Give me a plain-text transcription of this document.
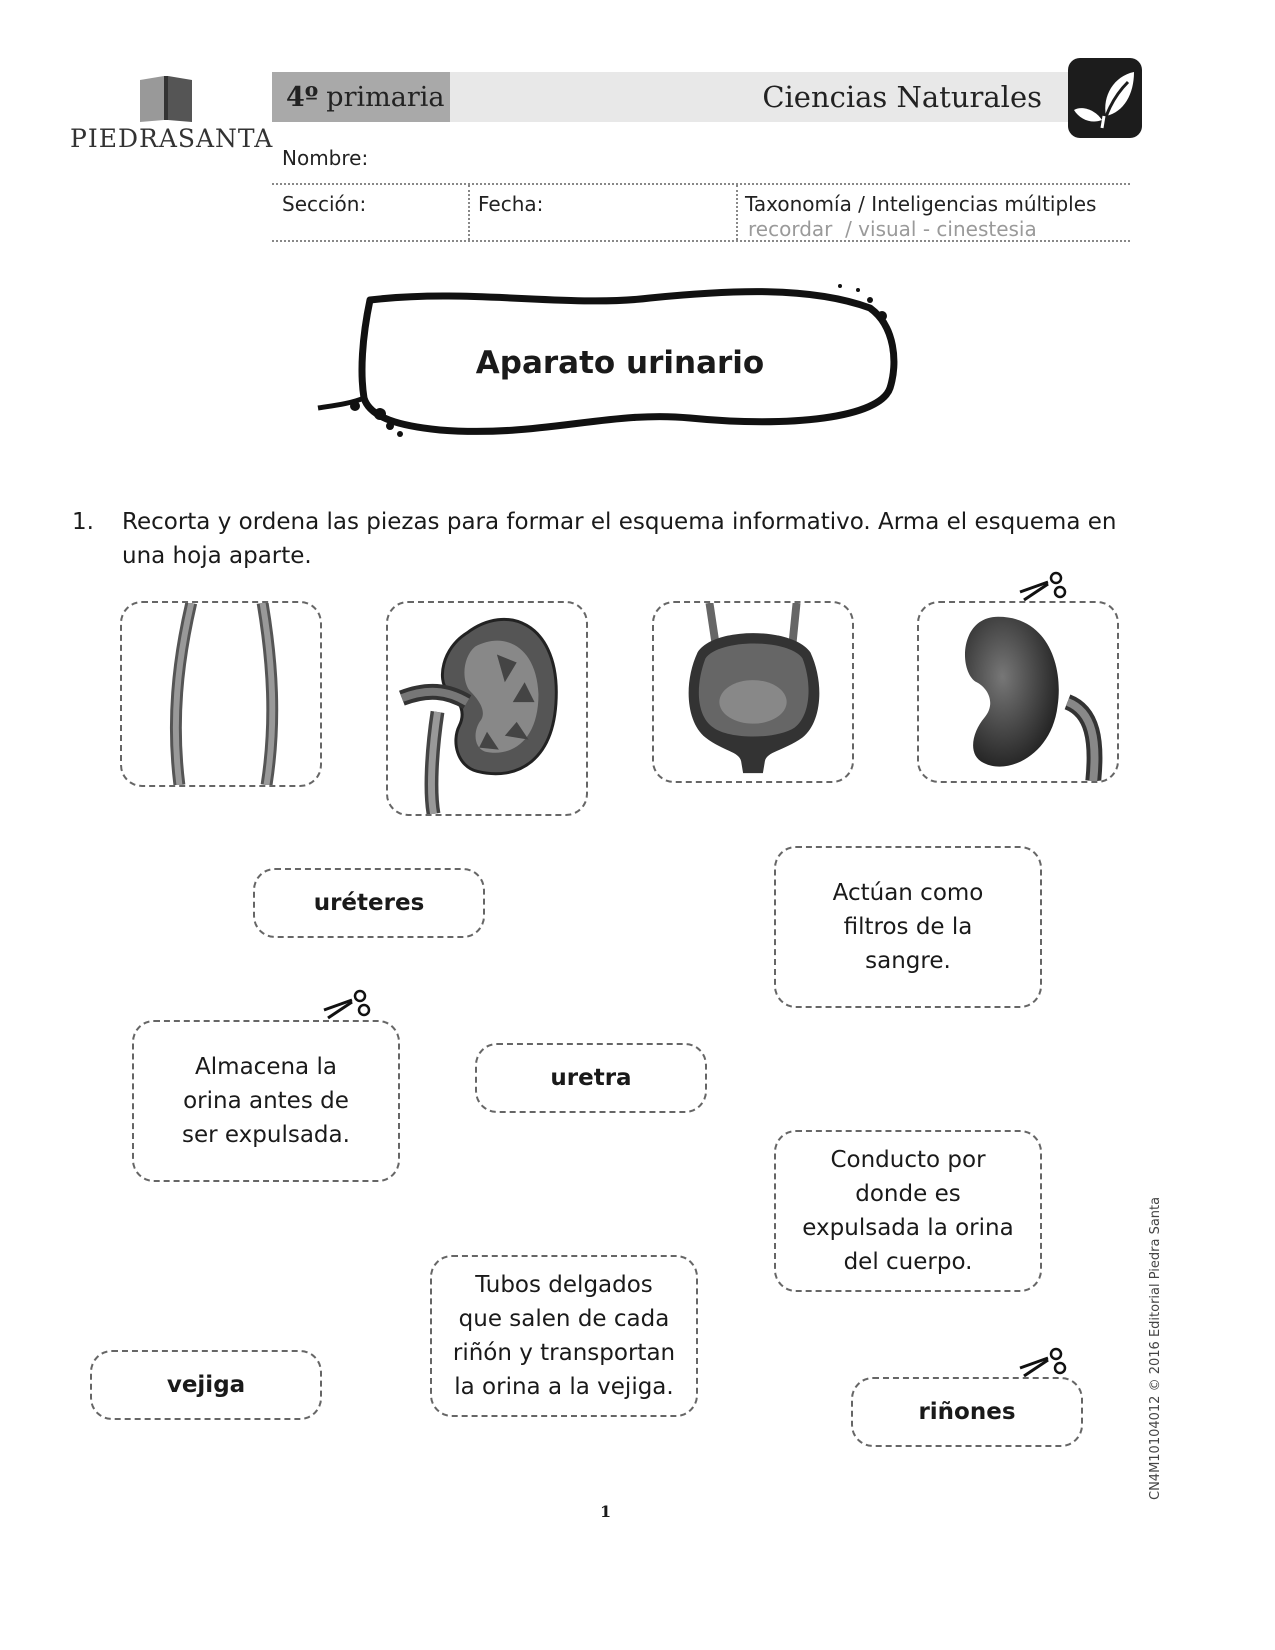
PIEDRASANTA
4º primaria	Ciencias Naturales
Nombre:
Sección:	Fecha:	Taxonomía / Inteligencias múltiples
recordar  / visual - cinestesia
Aparato urinario
1. Recorta y ordena las piezas para formar el esquema informativo. Arma el esquema en una hoja aparte.
uréteres	Actúan como filtros de la sangre.
Almacena la orina antes de ser expulsada.
uretra
Conducto por donde es expulsada la orina del cuerpo.
Tubos delgados que salen de cada riñón y transportan la orina a la vejiga.
vejiga
riñones
1
CN4M10104012 © 2016 Editorial Piedra Santa
